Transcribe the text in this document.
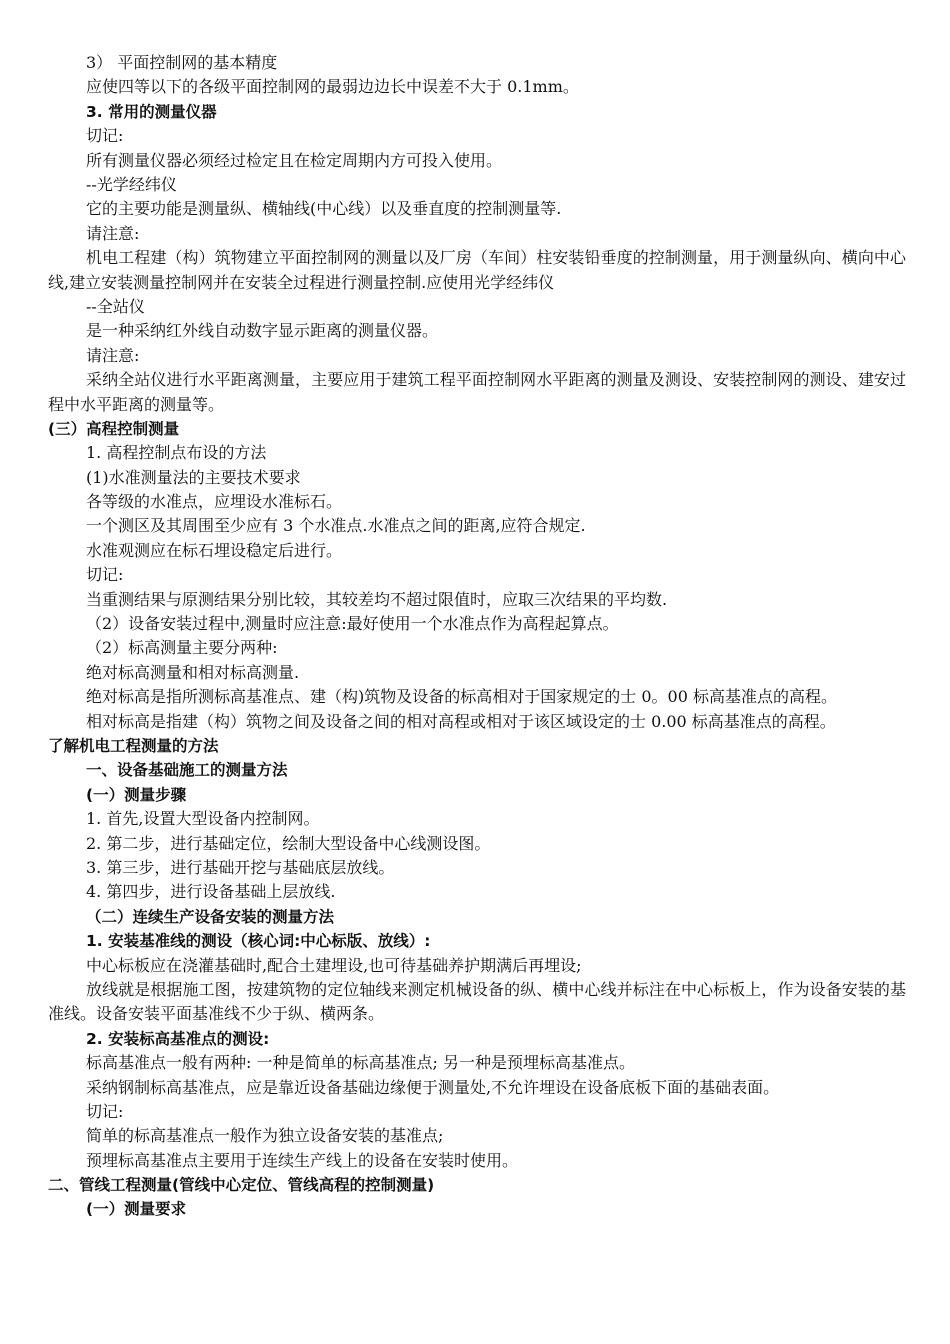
3） 平面控制网的基本精度
应使四等以下的各级平面控制网的最弱边边长中误差不大于 0.1mm。
3. 常用的测量仪器
切记:
所有测量仪器必须经过检定且在检定周期内方可投入使用。
--光学经纬仪
它的主要功能是测量纵、横轴线(中心线）以及垂直度的控制测量等.
请注意:
机电工程建（构）筑物建立平面控制网的测量以及厂房（车间）柱安装铅垂度的控制测量，用于测量纵向、横向中心线,建立安装测量控制网并在安装全过程进行测量控制.应使用光学经纬仪
--全站仪
是一种采纳红外线自动数字显示距离的测量仪器。
请注意:
采纳全站仪进行水平距离测量，主要应用于建筑工程平面控制网水平距离的测量及测设、安装控制网的测设、建安过程中水平距离的测量等。
(三）高程控制测量
1. 高程控制点布设的方法
(1)水准测量法的主要技术要求
各等级的水准点，应埋设水准标石。
一个测区及其周围至少应有 3 个水准点.水准点之间的距离,应符合规定.
水准观测应在标石埋设稳定后进行。
切记:
当重测结果与原测结果分别比较，其较差均不超过限值时，应取三次结果的平均数.
（2）设备安装过程中,测量时应注意:最好使用一个水准点作为高程起算点。
（2）标高测量主要分两种:
绝对标高测量和相对标高测量.
绝对标高是指所测标高基准点、建（构)筑物及设备的标高相对于国家规定的士 0。00 标高基准点的高程。
相对标高是指建（构）筑物之间及设备之间的相对高程或相对于该区域设定的士 0.00 标高基准点的高程。
了解机电工程测量的方法
一、设备基础施工的测量方法
(一）测量步骤
1. 首先,设置大型设备内控制网。
2. 第二步，进行基础定位，绘制大型设备中心线测设图。
3. 第三步，进行基础开挖与基础底层放线。
4. 第四步，进行设备基础上层放线.
（二）连续生产设备安装的测量方法
1. 安装基准线的测设（核心词:中心标版、放线）:
中心标板应在浇灌基础时,配合土建埋设,也可待基础养护期满后再埋设;
放线就是根据施工图，按建筑物的定位轴线来测定机械设备的纵、横中心线并标注在中心标板上，作为设备安装的基准线。设备安装平面基准线不少于纵、横两条。
2. 安装标高基准点的测设:
标高基准点一般有两种: 一种是简单的标高基准点; 另一种是预埋标高基准点。
采纳钢制标高基准点，应是靠近设备基础边缘便于测量处,不允许埋设在设备底板下面的基础表面。
切记:
简单的标高基准点一般作为独立设备安装的基准点;
预埋标高基准点主要用于连续生产线上的设备在安装时使用。
二、管线工程测量(管线中心定位、管线高程的控制测量)
(一）测量要求
